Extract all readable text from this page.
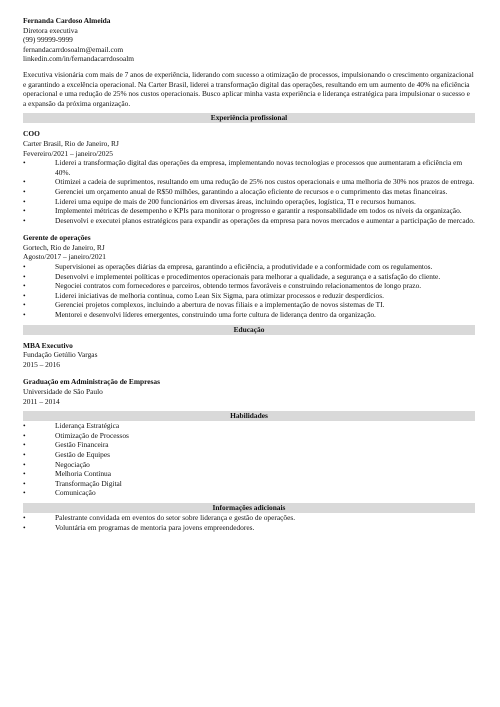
Fernanda Cardoso Almeida
Diretora executiva
(99) 99999-9999
fernandacarrdosoalm@email.com
linkedin.com/in/fernandacarrdosoalm
Executiva visionária com mais de 7 anos de experiência, liderando com sucesso a otimização de processos, impulsionando o crescimento organizacional e garantindo a excelência operacional. Na Carter Brasil, liderei a transformação digital das operações, resultando em um aumento de 40% na eficiência operacional e uma redução de 25% nos custos operacionais. Busco aplicar minha vasta experiência e liderança estratégica para impulsionar o sucesso e a expansão da próxima organização.
Experiência profissional
COO
Carter Brasil, Rio de Janeiro, RJ
Fevereiro/2021 – janeiro/2025
•Liderei a transformação digital das operações da empresa, implementando novas tecnologias e processos que aumentaram a eficiência em 40%.
•Otimizei a cadeia de suprimentos, resultando em uma redução de 25% nos custos operacionais e uma melhoria de 30% nos prazos de entrega.
•Gerenciei um orçamento anual de R$50 milhões, garantindo a alocação eficiente de recursos e o cumprimento das metas financeiras.
•Liderei uma equipe de mais de 200 funcionários em diversas áreas, incluindo operações, logística, TI e recursos humanos.
•Implementei métricas de desempenho e KPIs para monitorar o progresso e garantir a responsabilidade em todos os níveis da organização.
•Desenvolvi e executei planos estratégicos para expandir as operações da empresa para novos mercados e aumentar a participação de mercado.
Gerente de operações
Gortech, Rio de Janeiro, RJ
Agosto/2017 – janeiro/2021
•Supervisionei as operações diárias da empresa, garantindo a eficiência, a produtividade e a conformidade com os regulamentos.
•Desenvolvi e implementei políticas e procedimentos operacionais para melhorar a qualidade, a segurança e a satisfação do cliente.
•Negociei contratos com fornecedores e parceiros, obtendo termos favoráveis e construindo relacionamentos de longo prazo.
•Liderei iniciativas de melhoria contínua, como Lean Six Sigma, para otimizar processos e reduzir desperdícios.
•Gerenciei projetos complexos, incluindo a abertura de novas filiais e a implementação de novos sistemas de TI.
•Mentorei e desenvolvi líderes emergentes, construindo uma forte cultura de liderança dentro da organização.
Educação
MBA Executivo
Fundação Getúlio Vargas
2015 – 2016
Graduação em Administração de Empresas
Universidade de São Paulo
2011 – 2014
Habilidades
•Liderança Estratégica
•Otimização de Processos
•Gestão Financeira
•Gestão de Equipes
•Negociação
•Melhoria Contínua
•Transformação Digital
•Comunicação
Informações adicionais
•Palestrante convidada em eventos do setor sobre liderança e gestão de operações.
•Voluntária em programas de mentoria para jovens empreendedores.
